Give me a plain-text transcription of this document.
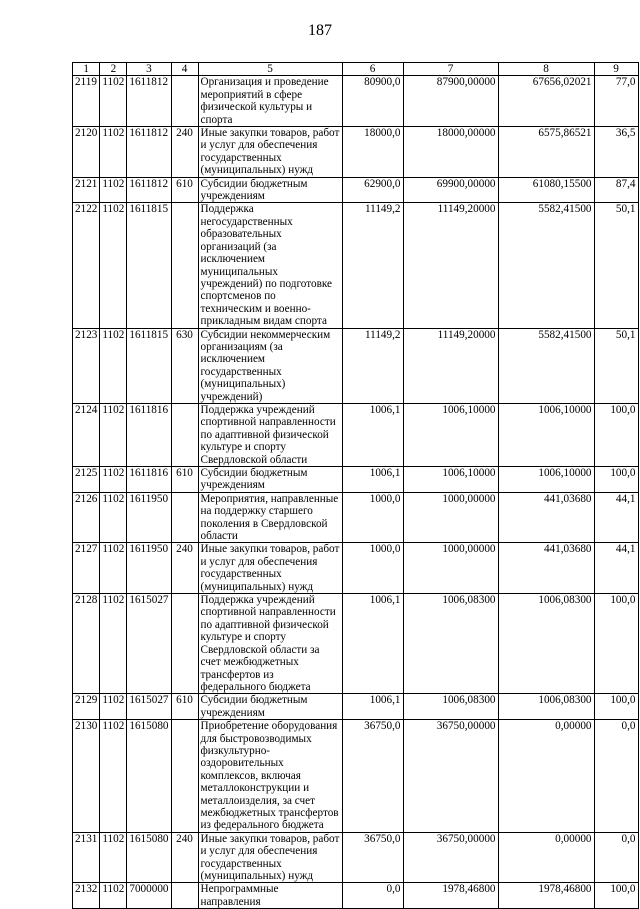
187
1	2	3	4	5	6	7	8	9
2119	1102	1611812		Организация и проведение мероприятий в сфере физической культуры и спорта	80900,0	87900,00000	67656,02021	77,0
2120	1102	1611812	240	Иные закупки товаров, работ и услуг для обеспечения государственных (муниципальных) нужд	18000,0	18000,00000	6575,86521	36,5
2121	1102	1611812	610	Субсидии бюджетным учреждениям	62900,0	69900,00000	61080,15500	87,4
2122	1102	1611815		Поддержка негосударственных образовательных организаций (за исключением муниципальных учреждений) по подготовке спортсменов по техническим и военно-прикладным видам спорта	11149,2	11149,20000	5582,41500	50,1
2123	1102	1611815	630	Субсидии некоммерческим организациям (за исключением государственных (муниципальных) учреждений)	11149,2	11149,20000	5582,41500	50,1
2124	1102	1611816		Поддержка учреждений спортивной направленности по адаптивной физической культуре и спорту Свердловской области	1006,1	1006,10000	1006,10000	100,0
2125	1102	1611816	610	Субсидии бюджетным учреждениям	1006,1	1006,10000	1006,10000	100,0
2126	1102	1611950		Мероприятия, направленные на поддержку старшего поколения в Свердловской области	1000,0	1000,00000	441,03680	44,1
2127	1102	1611950	240	Иные закупки товаров, работ и услуг для обеспечения государственных (муниципальных) нужд	1000,0	1000,00000	441,03680	44,1
2128	1102	1615027		Поддержка учреждений спортивной направленности по адаптивной физической культуре и спорту Свердловской области за счет межбюджетных трансфертов из федерального бюджета	1006,1	1006,08300	1006,08300	100,0
2129	1102	1615027	610	Субсидии бюджетным учреждениям	1006,1	1006,08300	1006,08300	100,0
2130	1102	1615080		Приобретение оборудования для быстровозводимых физкультурно-оздоровительных комплексов, включая металлоконструкции и металлоизделия, за счет межбюджетных трансфертов из федерального бюджета	36750,0	36750,00000	0,00000	0,0
2131	1102	1615080	240	Иные закупки товаров, работ и услуг для обеспечения государственных (муниципальных) нужд	36750,0	36750,00000	0,00000	0,0
2132	1102	7000000		Непрограммные направления	0,0	1978,46800	1978,46800	100,0
